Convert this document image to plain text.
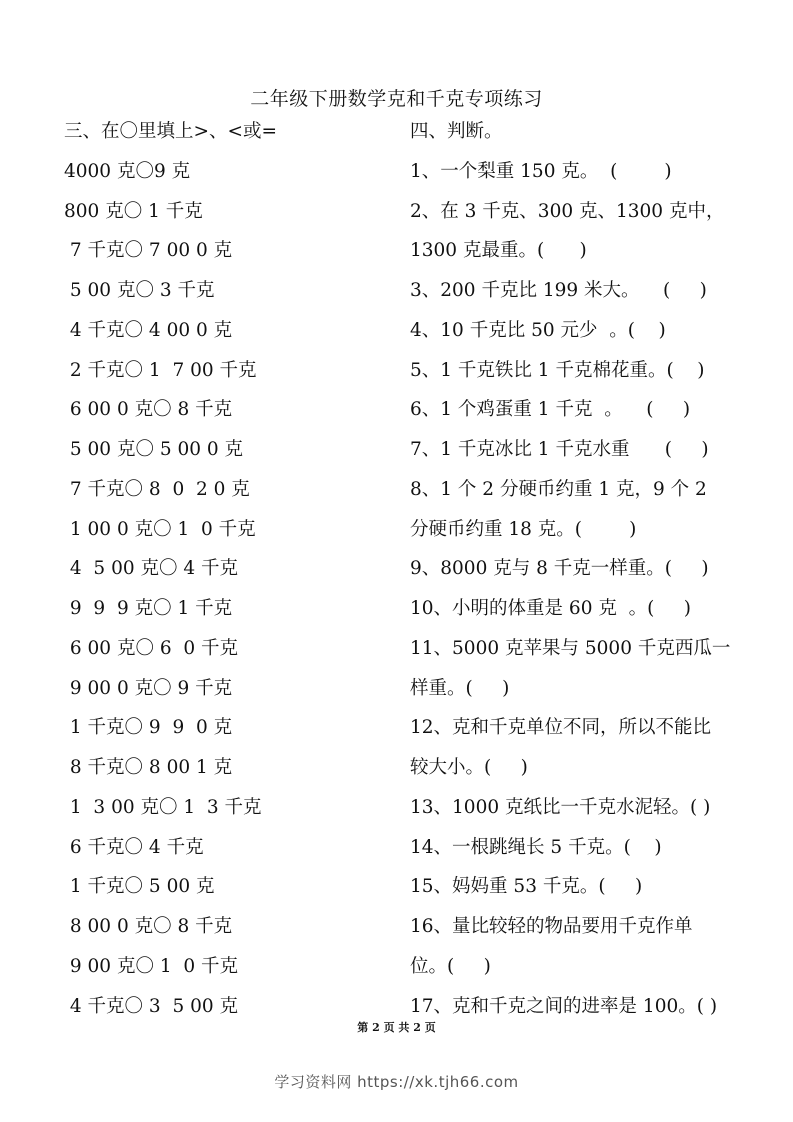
二年级下册数学克和千克专项练习
三、在〇里填上>、<或=
4000 克〇9 克
800 克〇 1 千克
7 千克〇 7 00 0 克
5 00 克〇 3 千克
4 千克〇 4 00 0 克
2 千克〇 1  7 00 千克
6 00 0 克〇 8 千克
5 00 克〇 5 00 0 克
7 千克〇 8  0  2 0 克
1 00 0 克〇 1  0 千克
4  5 00 克〇 4 千克
9  9  9 克〇 1 千克
6 00 克〇 6  0 千克
9 00 0 克〇 9 千克
1 千克〇 9  9  0 克
8 千克〇 8 00 1 克
1  3 00 克〇 1  3 千克
6 千克〇 4 千克
1 千克〇 5 00 克
8 00 0 克〇 8 千克
9 00 克〇 1  0 千克
4 千克〇 3  5 00 克
四、判断。
1、一个梨重 150 克。  (        )
2、在 3 千克、300 克、1300 克中，
1300 克最重。(      )
3、200 千克比 199 米大。    (     )
4、10 千克比 50 元少  。(    )
5、1 千克铁比 1 千克棉花重。(    )
6、1 个鸡蛋重 1 千克  。    (     )
7、1 千克冰比 1 千克水重      (     )
8、1 个 2 分硬币约重 1 克，9 个 2
分硬币约重 18 克。(        )
9、8000 克与 8 千克一样重。(     )
10、小明的体重是 60 克  。(     )
11、5000 克苹果与 5000 千克西瓜一
样重。(     )
12、克和千克单位不同，所以不能比
较大小。(     )
13、1000 克纸比一千克水泥轻。( )
14、一根跳绳长 5 千克。(    )
15、妈妈重 53 千克。(     )
16、量比较轻的物品要用千克作单
位。(     )
17、克和千克之间的进率是 100。( )
第 2 页 共 2 页
学习资料网 https://xk.tjh66.com
